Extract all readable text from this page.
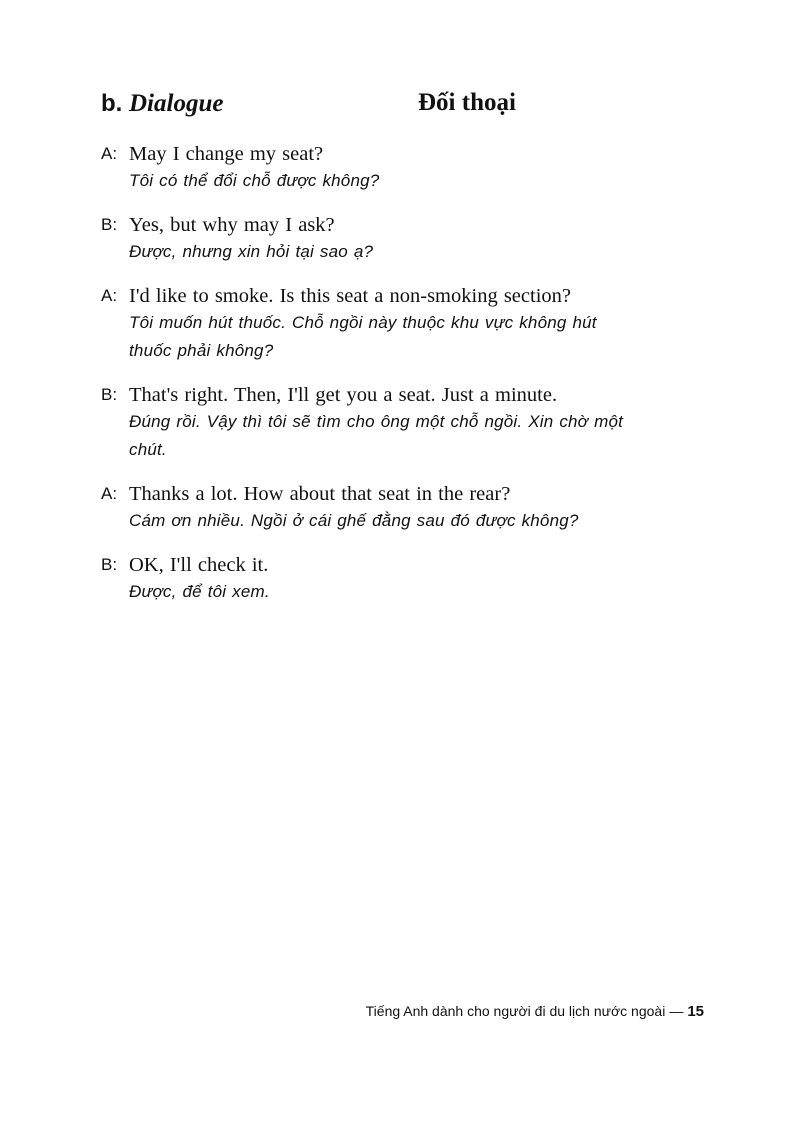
b. Dialogue	Đối thoại
A: May I change my seat?
Tôi có thể đổi chỗ được không?
B: Yes, but why may I ask?
Được, nhưng xin hỏi tại sao ạ?
A: I'd like to smoke. Is this seat a non-smoking section?
Tôi muốn hút thuốc. Chỗ ngồi này thuộc khu vực không hút
thuốc phải không?
B: That's right. Then, I'll get you a seat. Just a minute.
Đúng rồi. Vậy thì tôi sẽ tìm cho ông một chỗ ngồi. Xin chờ một
chút.
A: Thanks a lot. How about that seat in the rear?
Cám ơn nhiều. Ngồi ở cái ghế đằng sau đó được không?
B: OK, I'll check it.
Được, để tôi xem.
Tiếng Anh dành cho người đi du lịch nước ngoài — 15
